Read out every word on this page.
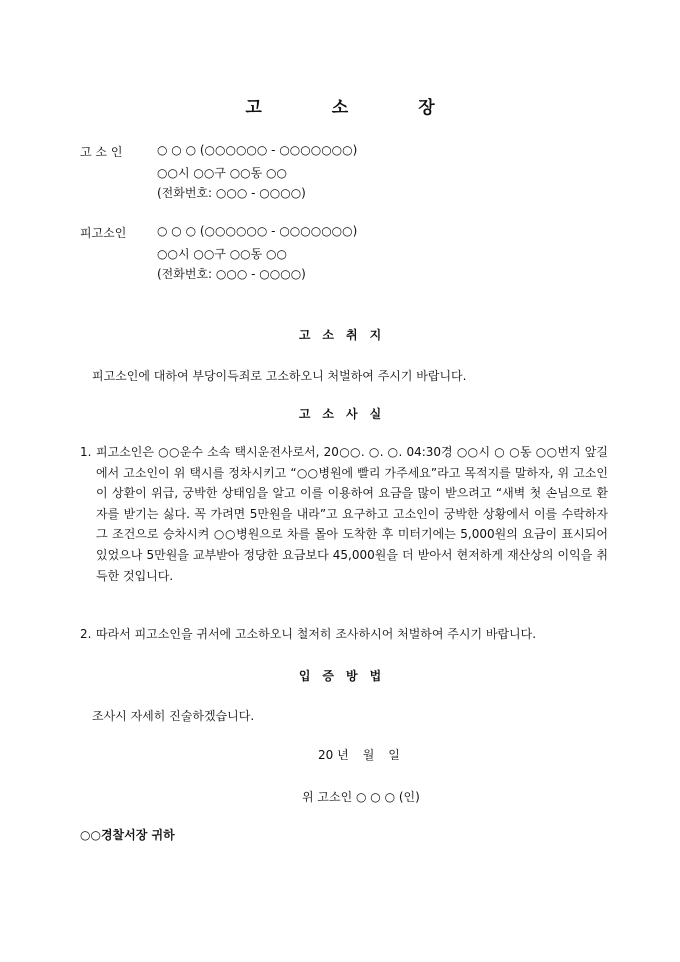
고	소	장
고 소 인	○ ○ ○ (○○○○○○ - ○○○○○○○)
○○시 ○○구 ○○동 ○○
(전화번호: ○○○ - ○○○○)
피고소인	○ ○ ○ (○○○○○○ - ○○○○○○○)
○○시 ○○구 ○○동 ○○
(전화번호: ○○○ - ○○○○)
고 소 취 지
피고소인에 대하여 부당이득죄로 고소하오니 처벌하여 주시기 바랍니다.
고 소 사 실
1. 피고소인은 ○○운수 소속 택시운전사로서, 20○○. ○. ○. 04:30경 ○○시 ○ ○동 ○○번지 앞길에서 고소인이 위 택시를 정차시키고 “○○병원에 빨리 가주세요”라고 목적지를 말하자, 위 고소인이 상환이 위급, 궁박한 상태임을 알고 이를 이용하여 요금을 많이 받으려고 “새벽 첫 손님으로 환자를 받기는 싫다. 꼭 가려면 5만원을 내라”고 요구하고 고소인이 궁박한 상황에서 이를 수락하자 그 조건으로 승차시켜 ○○병원으로 차를 몰아 도착한 후 미터기에는 5,000원의 요금이 표시되어 있었으나 5만원을 교부받아 정당한 요금보다 45,000원을 더 받아서 현저하게 재산상의 이익을 취득한 것입니다.
2. 따라서 피고소인을 귀서에 고소하오니 철저히 조사하시어 처벌하여 주시기 바랍니다.
입 증 방 법
조사시 자세히 진술하겠습니다.
20 년 월 일
위 고소인 ○ ○ ○ (인)
○○경찰서장 귀하
